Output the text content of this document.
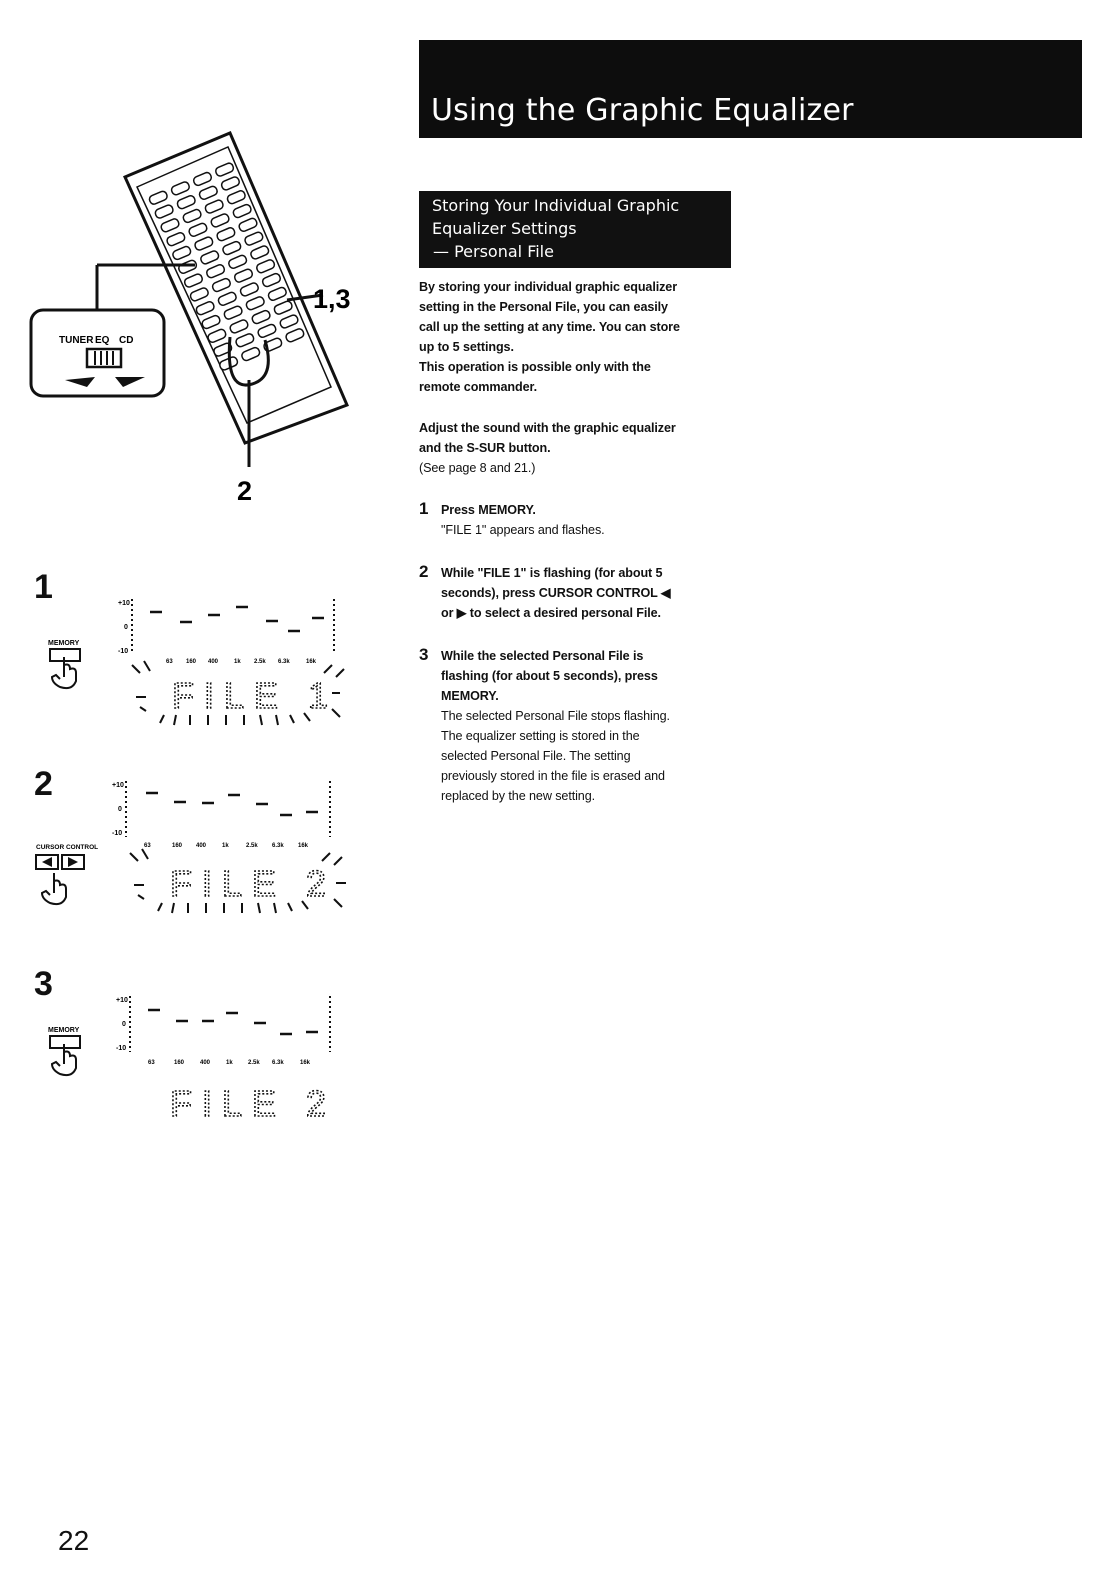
Using the Graphic Equalizer
Storing Your Individual Graphic
Equalizer Settings
— Personal File
By storing your individual graphic equalizer
setting in the Personal File, you can easily
call up the setting at any time. You can store
up to 5 settings.
This operation is possible only with the
remote commander.
Adjust the sound with the graphic equalizer
and the S-SUR button.
(See page 8 and 21.)
1 Press MEMORY.
"FILE 1" appears and flashes.
2 While "FILE 1" is flashing (for about 5
seconds), press CURSOR CONTROL ◀
or ▶ to select a desired personal File.
3 While the selected Personal File is
flashing (for about 5 seconds), press
MEMORY.
The selected Personal File stops flashing.
The equalizer setting is stored in the
selected Personal File. The setting
previously stored in the file is erased and
replaced by the new setting.
TUNER EQ CD
1,3
2
1
2
3
MEMORY
+10
0
-10
63 160 400	1k 2.5k 6.3k	16k
FILE 1
CURSOR CONTROL
+10
0
-10
63	160 400	1k	2.5k 6.3k 16k
FILE 2
MEMORY
+10
0
-10
63	160	400	1k	2.5k 6.3k	16k
FILE 2
22
